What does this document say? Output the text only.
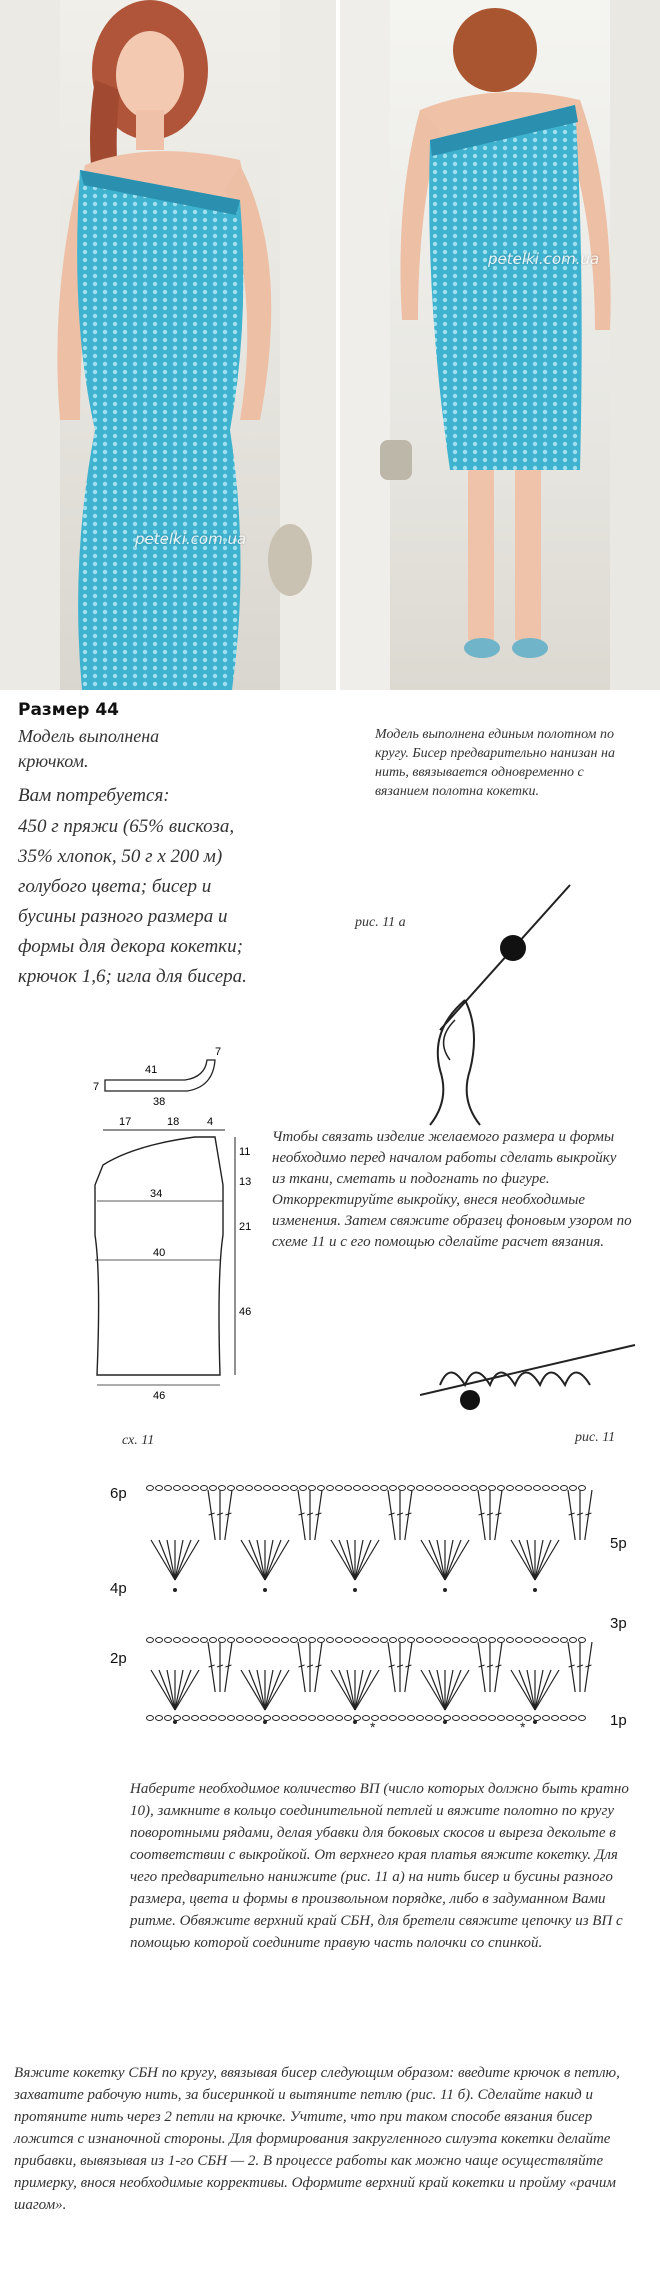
petelki.com.ua
petelki.com.ua
Размер 44
Модель выполнена крючком.
Вам потребуется:
450 г пряжи (65% вискоза, 35% хлопок, 50 г х 200 м) голубого цвета; бисер и бусины разного размера и формы для декора кокетки; крючок 1,6; игла для бисера.
Модель выполнена единым полотном по кругу. Бисер предварительно нанизан на нить, ввязывается одновременно с вязанием полотна кокетки.
рис. 11 а
7
41
38
7
17	18	4
11
13
21
46
34
40
46
Чтобы связать изделие желаемого размера и формы необходимо перед началом работы сделать выкройку из ткани, сметать и подогнать по фигуре. Откорректируйте выкройку, внеся необходимые изменения. Затем свяжите образец фоновым узором по схеме 11 и с его помощью сделайте расчет вязания.
рис. 11
сх. 11
*	*
6р
4р
2р
5р
3р
1р
Наберите необходимое количество ВП (число которых должно быть кратно 10), замкните в кольцо соединительной петлей и вяжите полотно по кругу поворотными рядами, делая убавки для боковых скосов и выреза декольте в соответствии с выкройкой. От верхнего края платья вяжите кокетку. Для чего предварительно нанижите (рис. 11 а) на нить бисер и бусины разного размера, цвета и формы в произвольном порядке, либо в задуманном Вами ритме. Обвяжите верхний край СБН, для бретели свяжите цепочку из ВП с помощью которой соедините правую часть полочки со спинкой.
Вяжите кокетку СБН по кругу, ввязывая бисер следующим образом: введите крючок в петлю, захватите рабочую нить, за бисеринкой и вытяните петлю (рис. 11 б). Сделайте накид и протяните нить через 2 петли на крючке. Учтите, что при таком способе вязания бисер ложится с изнаночной стороны. Для формирования закругленного силуэта кокетки делайте прибавки, вывязывая из 1-го СБН — 2. В процессе работы как можно чаще осуществляйте примерку, внося необходимые коррективы. Оформите верхний край кокетки и пройму «рачим шагом».
